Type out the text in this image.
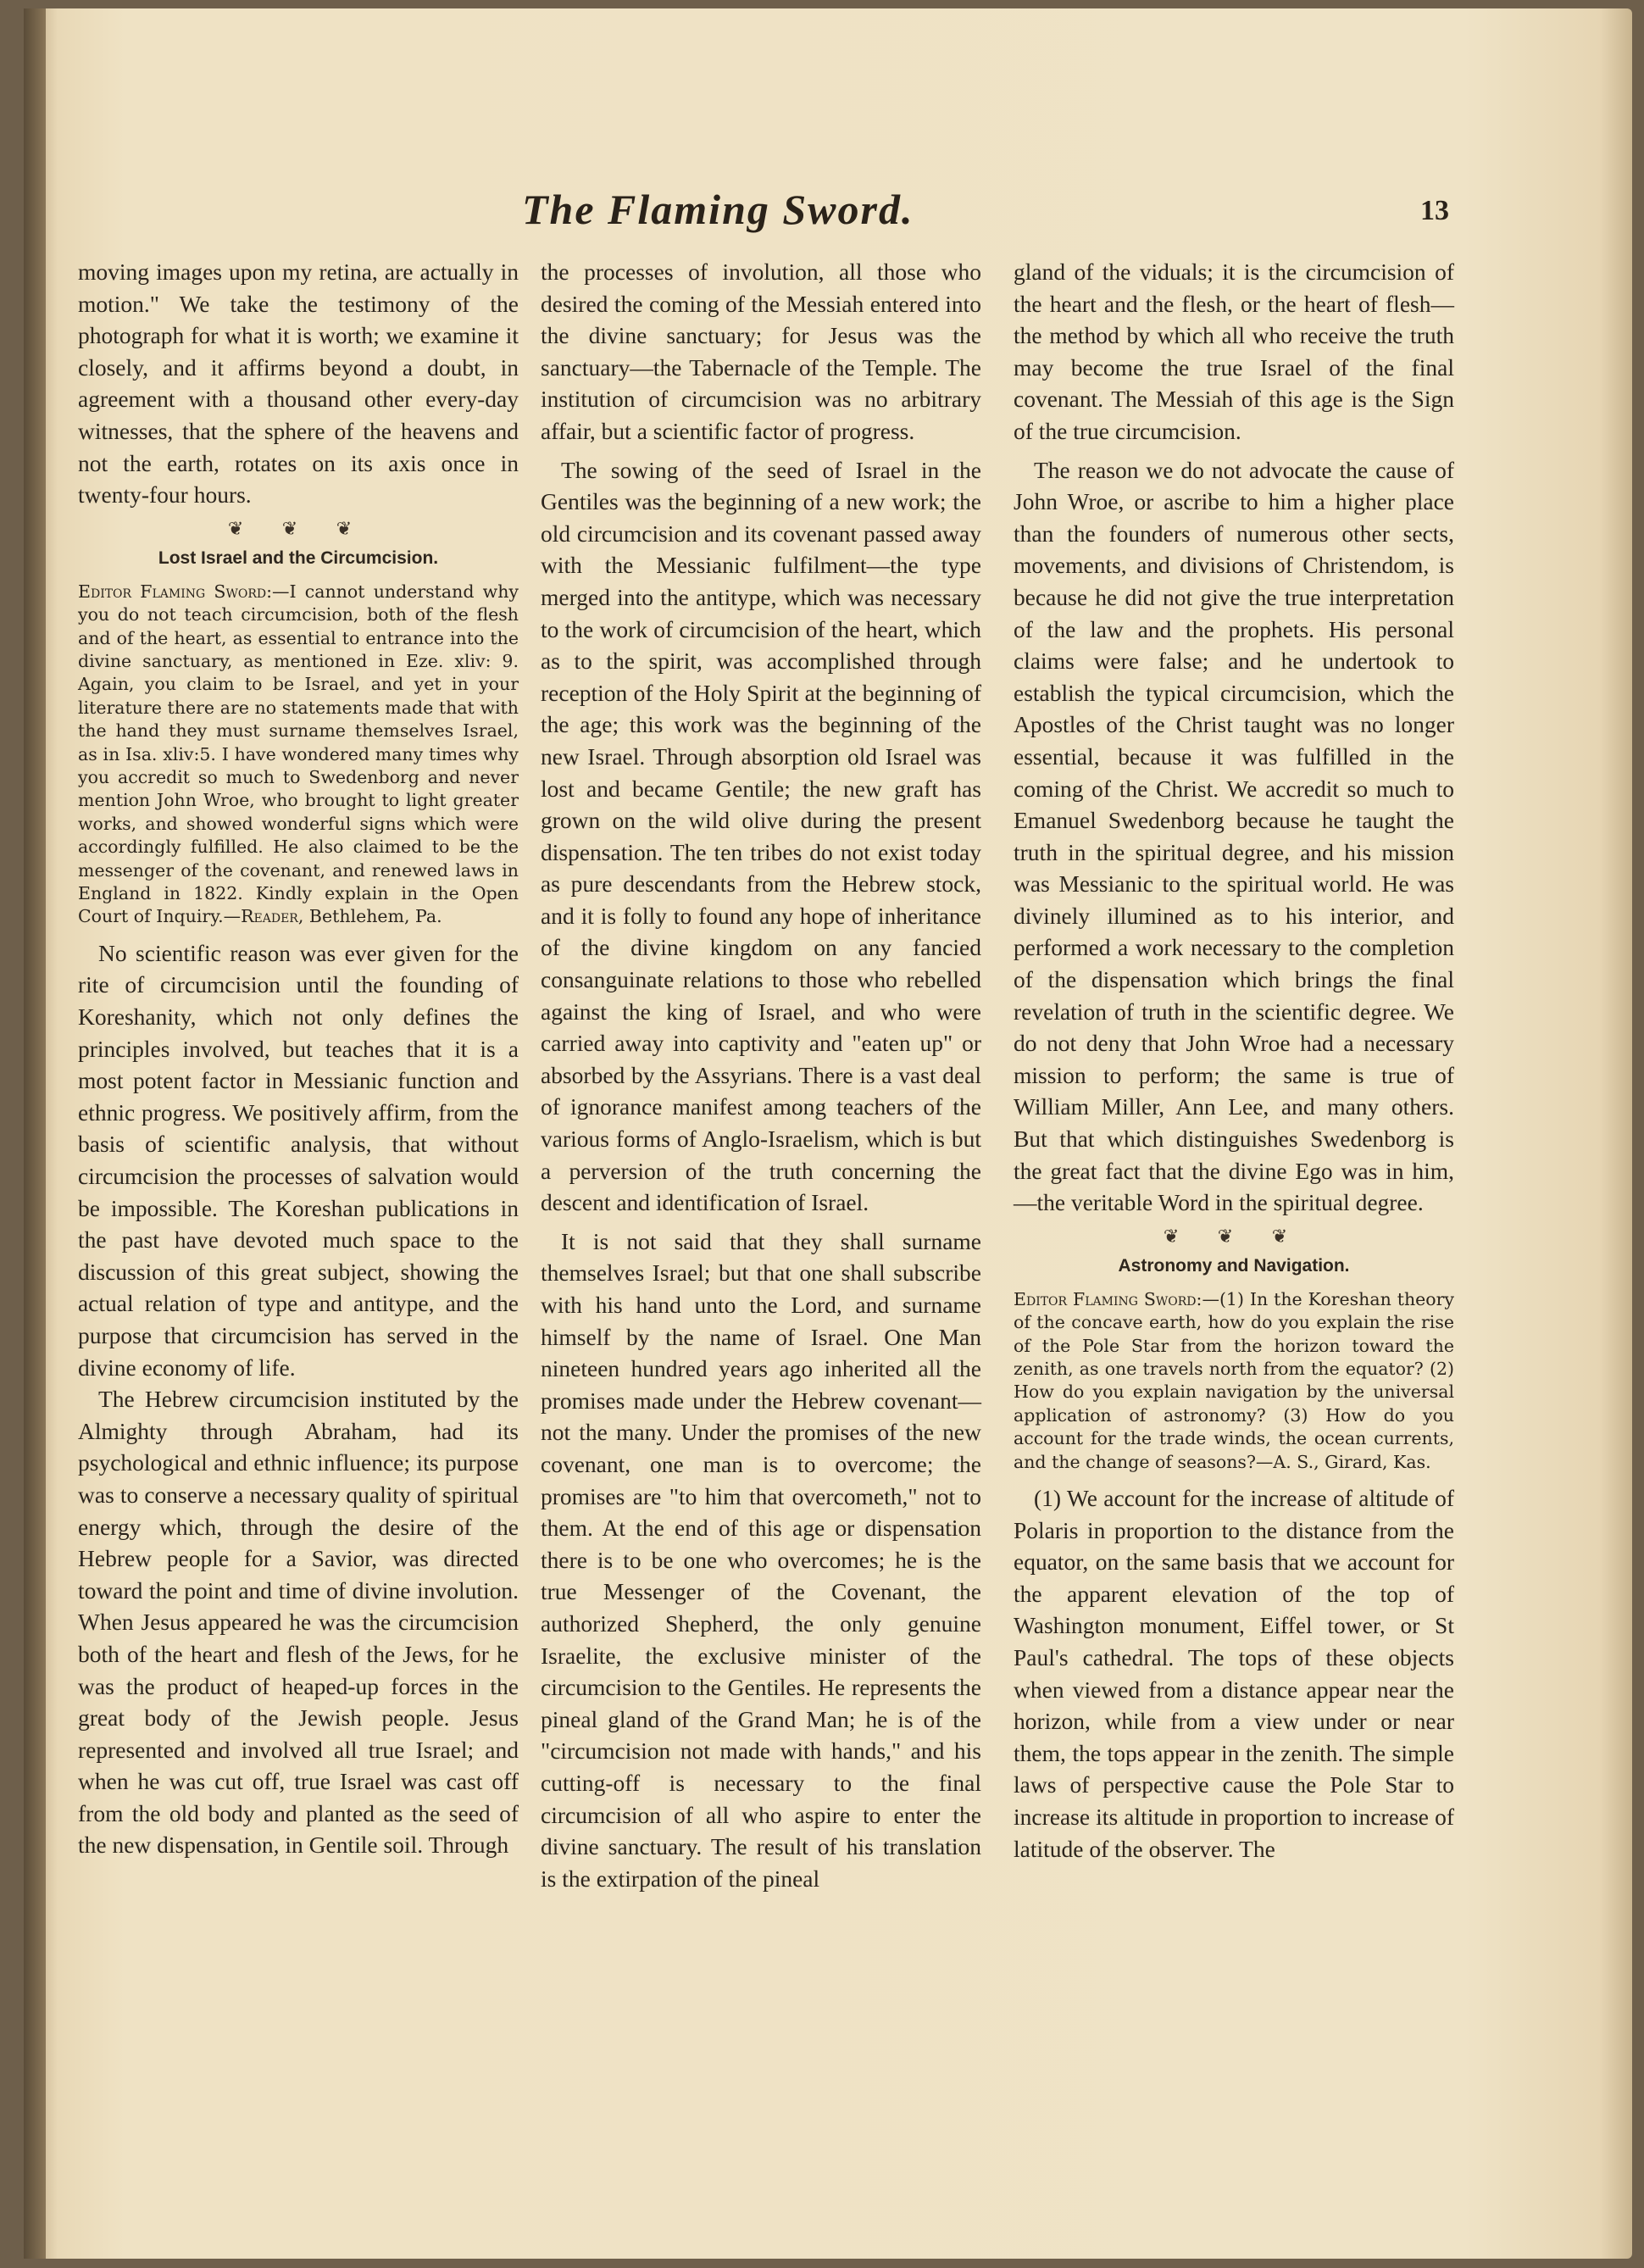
The Flaming Sword.	13

moving images upon my retina, are actually in motion." We take the testimony of the photograph for what it is worth; we examine it closely, and it affirms beyond a doubt, in agreement with a thousand other every-day witnesses, that the sphere of the heavens and not the earth, rotates on its axis once in twenty-four hours.

❦ ❦ ❦
Lost Israel and the Circumcision.
Editor Flaming Sword:—I cannot understand why you do not teach circumcision, both of the flesh and of the heart, as essential to entrance into the divine sanctuary, as mentioned in Eze. xliv: 9. Again, you claim to be Israel, and yet in your literature there are no statements made that with the hand they must surname themselves Israel, as in Isa. xliv:5. I have wondered many times why you accredit so much to Swedenborg and never mention John Wroe, who brought to light greater works, and showed wonderful signs which were accordingly fulfilled. He also claimed to be the messenger of the covenant, and renewed laws in England in 1822. Kindly explain in the Open Court of Inquiry.—Reader, Bethlehem, Pa.

No scientific reason was ever given for the rite of circumcision until the founding of Koreshanity, which not only defines the principles involved, but teaches that it is a most potent factor in Messianic function and ethnic progress. We positively affirm, from the basis of scientific analysis, that without circumcision the processes of salvation would be impossible. The Koreshan publications in the past have devoted much space to the discussion of this great subject, showing the actual relation of type and antitype, and the purpose that circumcision has served in the divine economy of life.

The Hebrew circumcision instituted by the Almighty through Abraham, had its psychological and ethnic influence; its purpose was to conserve a necessary quality of spiritual energy which, through the desire of the Hebrew people for a Savior, was directed toward the point and time of divine involution. When Jesus appeared he was the circumcision both of the heart and flesh of the Jews, for he was the product of heaped-up forces in the great body of the Jewish people. Jesus represented and involved all true Israel; and when he was cut off, true Israel was cast off from the old body and planted as the seed of the new dispensation, in Gentile soil. Through

the processes of involution, all those who desired the coming of the Messiah entered into the divine sanctuary; for Jesus was the sanctuary—the Tabernacle of the Temple. The institution of circumcision was no arbitrary affair, but a scientific factor of progress.

The sowing of the seed of Israel in the Gentiles was the beginning of a new work; the old circumcision and its covenant passed away with the Messianic fulfilment—the type merged into the antitype, which was necessary to the work of circumcision of the heart, which as to the spirit, was accomplished through reception of the Holy Spirit at the beginning of the age; this work was the beginning of the new Israel. Through absorption old Israel was lost and became Gentile; the new graft has grown on the wild olive during the present dispensation. The ten tribes do not exist today as pure descendants from the Hebrew stock, and it is folly to found any hope of inheritance of the divine kingdom on any fancied consanguinate relations to those who rebelled against the king of Israel, and who were carried away into captivity and "eaten up" or absorbed by the Assyrians. There is a vast deal of ignorance manifest among teachers of the various forms of Anglo-Israelism, which is but a perversion of the truth concerning the descent and identification of Israel.

It is not said that they shall surname themselves Israel; but that one shall subscribe with his hand unto the Lord, and surname himself by the name of Israel. One Man nineteen hundred years ago inherited all the promises made under the Hebrew covenant—not the many. Under the promises of the new covenant, one man is to overcome; the promises are "to him that overcometh," not to them. At the end of this age or dispensation there is to be one who overcomes; he is the true Messenger of the Covenant, the authorized Shepherd, the only genuine Israelite, the exclusive minister of the circumcision to the Gentiles. He represents the pineal gland of the Grand Man; he is of the "circumcision not made with hands," and his cutting-off is necessary to the final circumcision of all who aspire to enter the divine sanctuary. The result of his translation is the extirpation of the pineal

gland of the viduals; it is the circumcision of the heart and the flesh, or the heart of flesh—the method by which all who receive the truth may become the true Israel of the final covenant. The Messiah of this age is the Sign of the true circumcision.

The reason we do not advocate the cause of John Wroe, or ascribe to him a higher place than the founders of numerous other sects, movements, and divisions of Christendom, is because he did not give the true interpretation of the law and the prophets. His personal claims were false; and he undertook to establish the typical circumcision, which the Apostles of the Christ taught was no longer essential, because it was fulfilled in the coming of the Christ. We accredit so much to Emanuel Swedenborg because he taught the truth in the spiritual degree, and his mission was Messianic to the spiritual world. He was divinely illumined as to his interior, and performed a work necessary to the completion of the dispensation which brings the final revelation of truth in the scientific degree. We do not deny that John Wroe had a necessary mission to perform; the same is true of William Miller, Ann Lee, and many others. But that which distinguishes Swedenborg is the great fact that the divine Ego was in him, —the veritable Word in the spiritual degree.

❦ ❦ ❦
Astronomy and Navigation.
Editor Flaming Sword:—(1) In the Koreshan theory of the concave earth, how do you explain the rise of the Pole Star from the horizon toward the zenith, as one travels north from the equator? (2) How do you explain navigation by the universal application of astronomy? (3) How do you account for the trade winds, the ocean currents, and the change of seasons?—A. S., Girard, Kas.

(1) We account for the increase of altitude of Polaris in proportion to the distance from the equator, on the same basis that we account for the apparent elevation of the top of Washington monument, Eiffel tower, or St Paul's cathedral. The tops of these objects when viewed from a distance appear near the horizon, while from a view under or near them, the tops appear in the zenith. The simple laws of perspective cause the Pole Star to increase its altitude in proportion to increase of latitude of the observer. The
